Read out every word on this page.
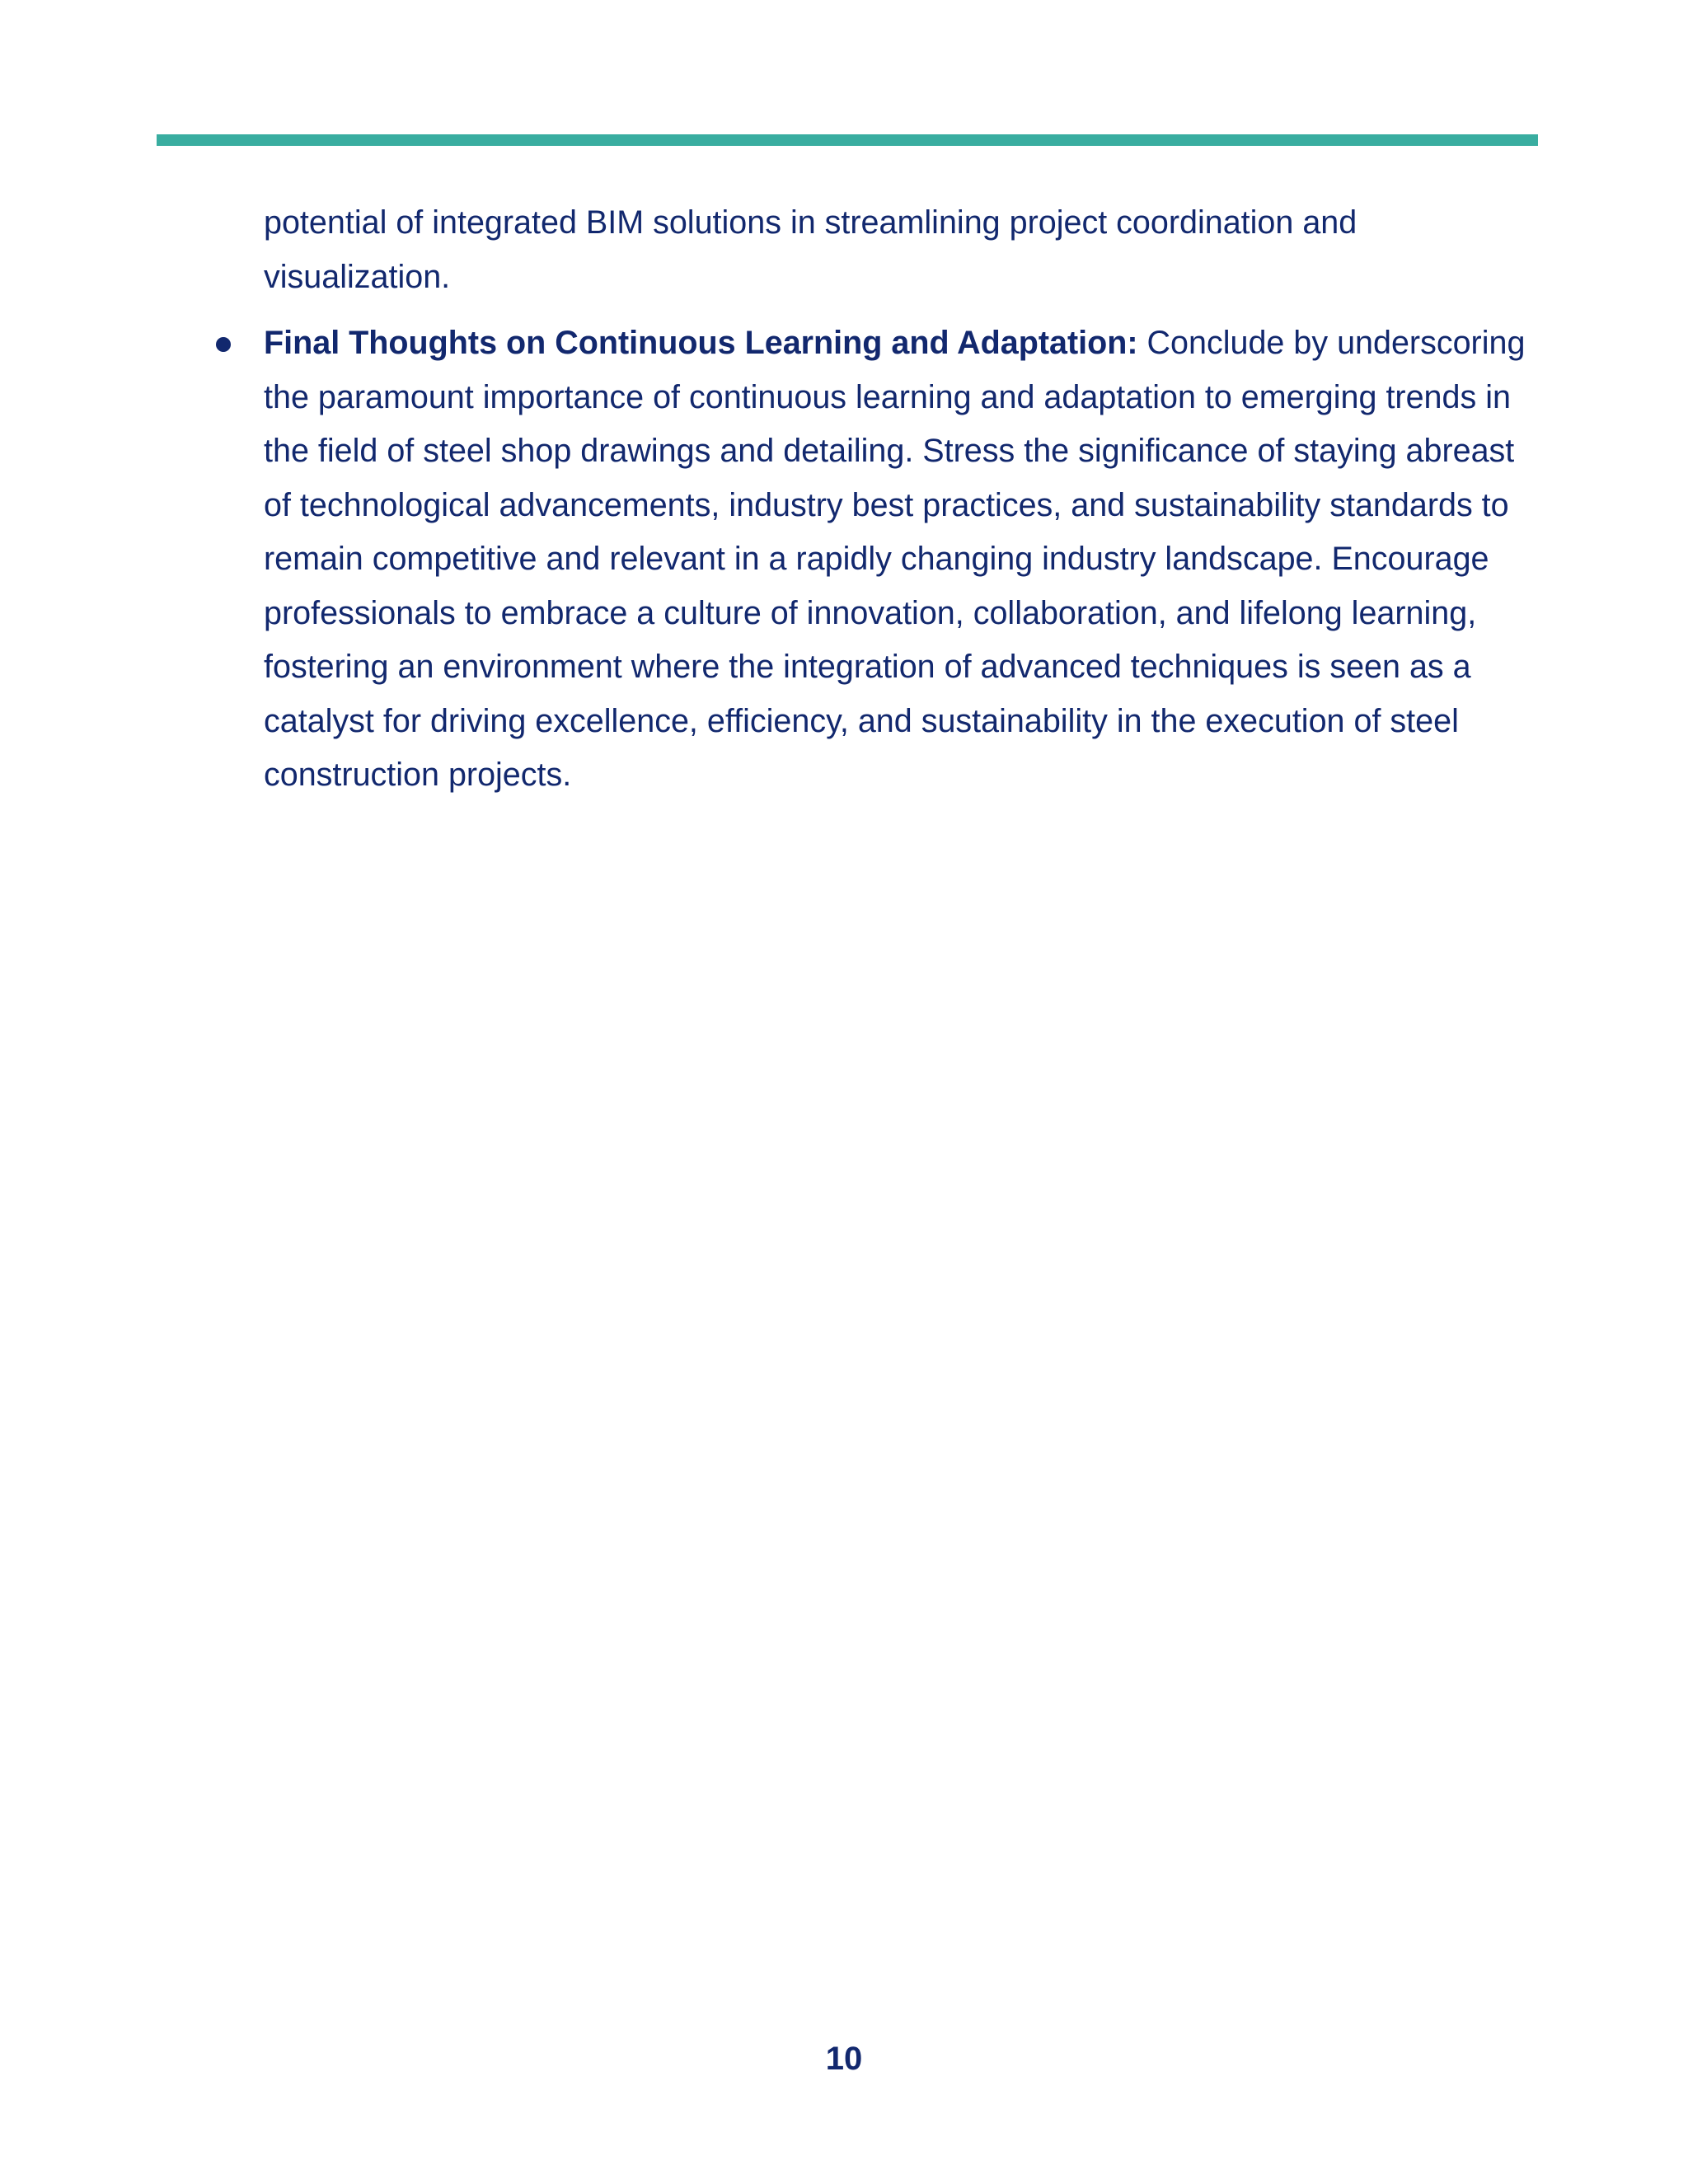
potential of integrated BIM solutions in streamlining project coordination and visualization.

Final Thoughts on Continuous Learning and Adaptation: Conclude by underscoring the paramount importance of continuous learning and adaptation to emerging trends in the field of steel shop drawings and detailing. Stress the significance of staying abreast of technological advancements, industry best practices, and sustainability standards to remain competitive and relevant in a rapidly changing industry landscape. Encourage professionals to embrace a culture of innovation, collaboration, and lifelong learning, fostering an environment where the integration of advanced techniques is seen as a catalyst for driving excellence, efficiency, and sustainability in the execution of steel construction projects.

10
